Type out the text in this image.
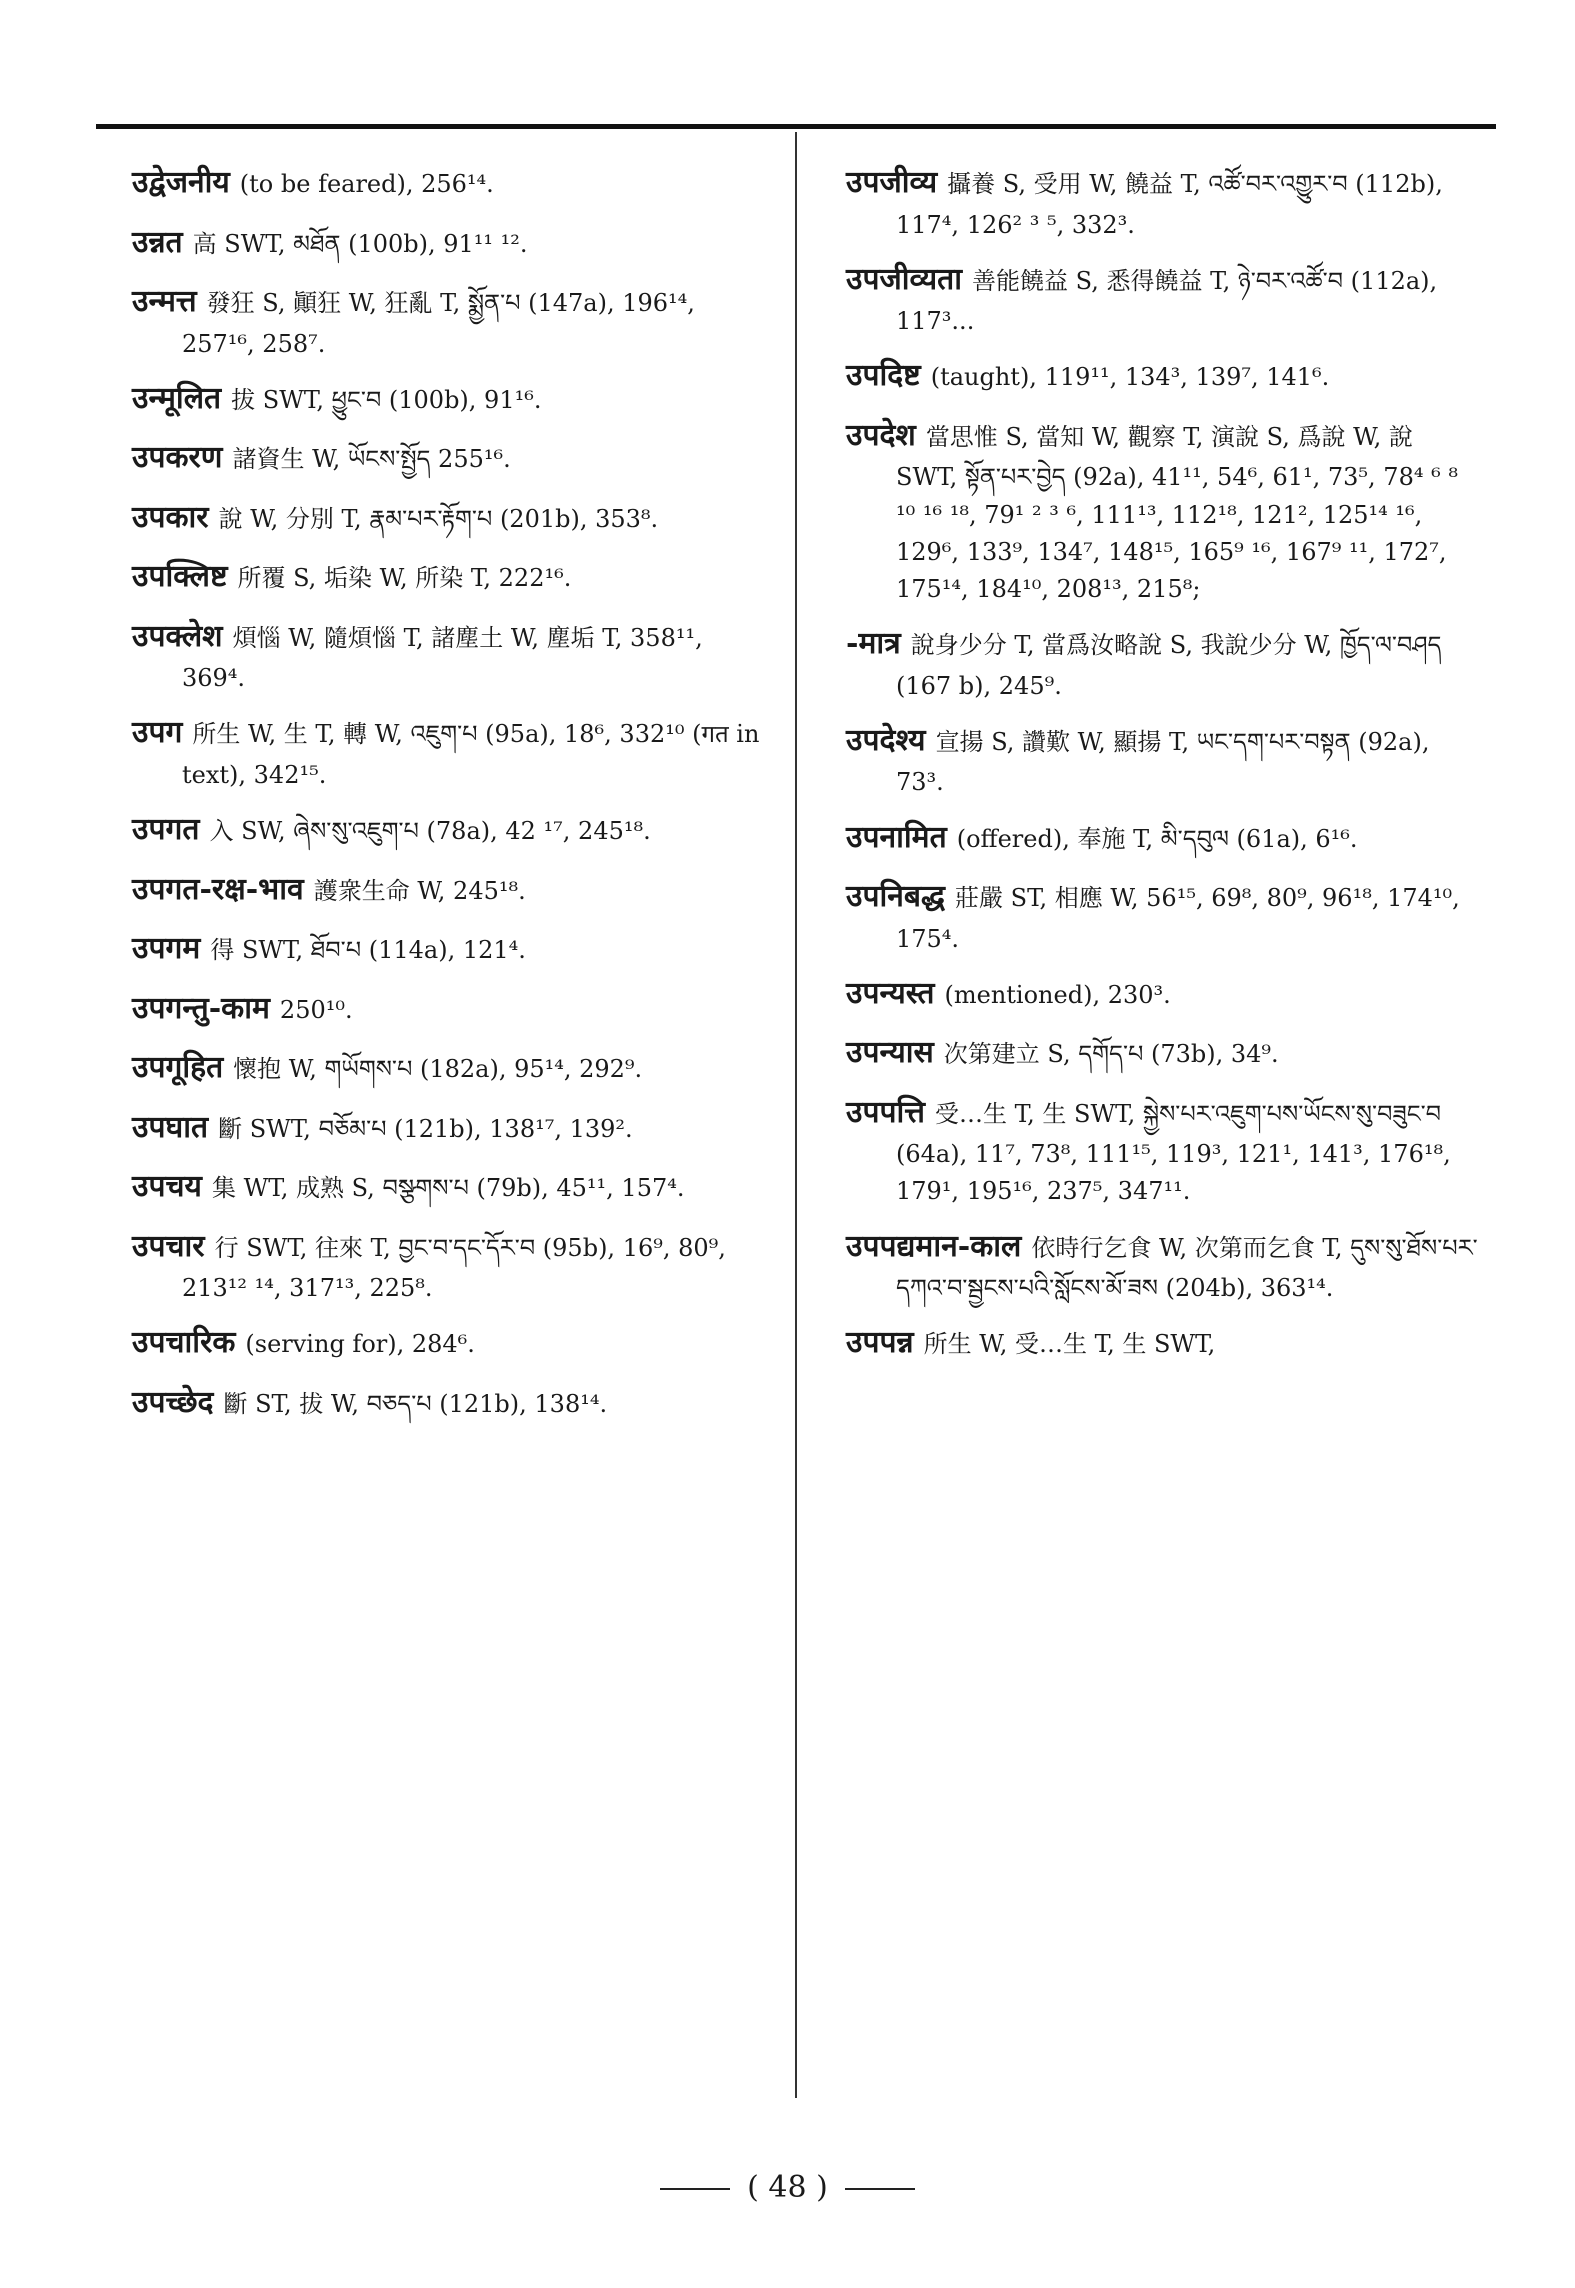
उद्वेजनीय (to be feared), 256¹⁴.

उन्नत 高 SWT, མཐོན (100b), 91¹¹ ¹².

उन्मत्त 發狂 S, 顚狂 W, 狂亂 T, སྨྱོན་པ (147a), 196¹⁴, 257¹⁶, 258⁷.

उन्मूलित 拔 SWT, ཕྱུང་བ (100b), 91¹⁶.

उपकरण 諸資生 W, ཡོངས་སྤྱོད 255¹⁶.

उपकार 說 W, 分別 T, རྣམ་པར་རྟོག་པ (201b), 353⁸.

उपक्लिष्ट 所覆 S, 垢染 W, 所染 T, 222¹⁶.

उपक्लेश 煩惱 W, 隨煩惱 T, 諸塵土 W, 塵垢 T, 358¹¹, 369⁴.

उपग 所生 W, 生 T, 轉 W, འཇུག་པ (95a), 18⁶, 332¹⁰ (गत in text), 342¹⁵.

उपगत 入 SW, ཞེས་སུ་འཇུག་པ (78a), 42 ¹⁷, 245¹⁸.

उपगत-रक्ष-भाव 護衆生命 W, 245¹⁸.

उपगम 得 SWT, ཐོབ་པ (114a), 121⁴.

उपगन्तु-काम 250¹⁰.

उपगूहित 懷抱 W, གཡོགས་པ (182a), 95¹⁴, 292⁹.

उपघात 斷 SWT, བཅོམ་པ (121b), 138¹⁷, 139².

उपचय 集 WT, 成熟 S, བསྩགས་པ (79b), 45¹¹, 157⁴.

उपचार 行 SWT, 往來 T, བྱང་བ་དང་དོར་བ (95b), 16⁹, 80⁹, 213¹² ¹⁴, 317¹³, 225⁸.

उपचारिक (serving for), 284⁶.

उपच्छेद 斷 ST, 拔 W, བཅད་པ (121b), 138¹⁴.

उपजीव्य 攝養 S, 受用 W, 饒益 T, འཚོ་བར་འགྱུར་བ (112b), 117⁴, 126² ³ ⁵, 332³.

उपजीव्यता 善能饒益 S, 悉得饒益 T, ཉེ་བར་འཚོ་བ (112a), 117³...

उपदिष्ट (taught), 119¹¹, 134³, 139⁷, 141⁶.

उपदेश 當思惟 S, 當知 W, 觀察 T, 演說 S, 爲說 W, 說 SWT, སྟོན་པར་བྱེད (92a), 41¹¹, 54⁶, 61¹, 73⁵, 78⁴ ⁶ ⁸ ¹⁰ ¹⁶ ¹⁸, 79¹ ² ³ ⁶, 111¹³, 112¹⁸, 121², 125¹⁴ ¹⁶, 129⁶, 133⁹, 134⁷, 148¹⁵, 165⁹ ¹⁶, 167⁹ ¹¹, 172⁷, 175¹⁴, 184¹⁰, 208¹³, 215⁸;

-मात्र 說身少分 T, 當爲汝略說 S, 我說少分 W, ཁྱོད་ལ་བཤད (167 b), 245⁹.

उपदेश्य 宣揚 S, 讚歎 W, 顯揚 T, ཡང་དག་པར་བསྟན (92a), 73³.

उपनामित (offered), 奉施 T, མི་དབུལ (61a), 6¹⁶.

उपनिबद्ध 莊嚴 ST, 相應 W, 56¹⁵, 69⁸, 80⁹, 96¹⁸, 174¹⁰, 175⁴.

उपन्यस्त (mentioned), 230³.

उपन्यास 次第建立 S, དགོད་པ (73b), 34⁹.

उपपत्ति 受…生 T, 生 SWT, སྐྱེས་པར་འཇུག་པས་ཡོངས་སུ་བཟུང་བ (64a), 11⁷, 73⁸, 111¹⁵, 119³, 121¹, 141³, 176¹⁸, 179¹, 195¹⁶, 237⁵, 347¹¹.

उपपद्यमान-काल 依時行乞食 W, 次第而乞食 T, དུས་སུ་ཐོས་པར་དཀའ་བ་སྦྱངས་པའི་སློངས་མོ་ཟས (204b), 363¹⁴.

उपपन्न 所生 W, 受…生 T, 生 SWT,

( 48 )
